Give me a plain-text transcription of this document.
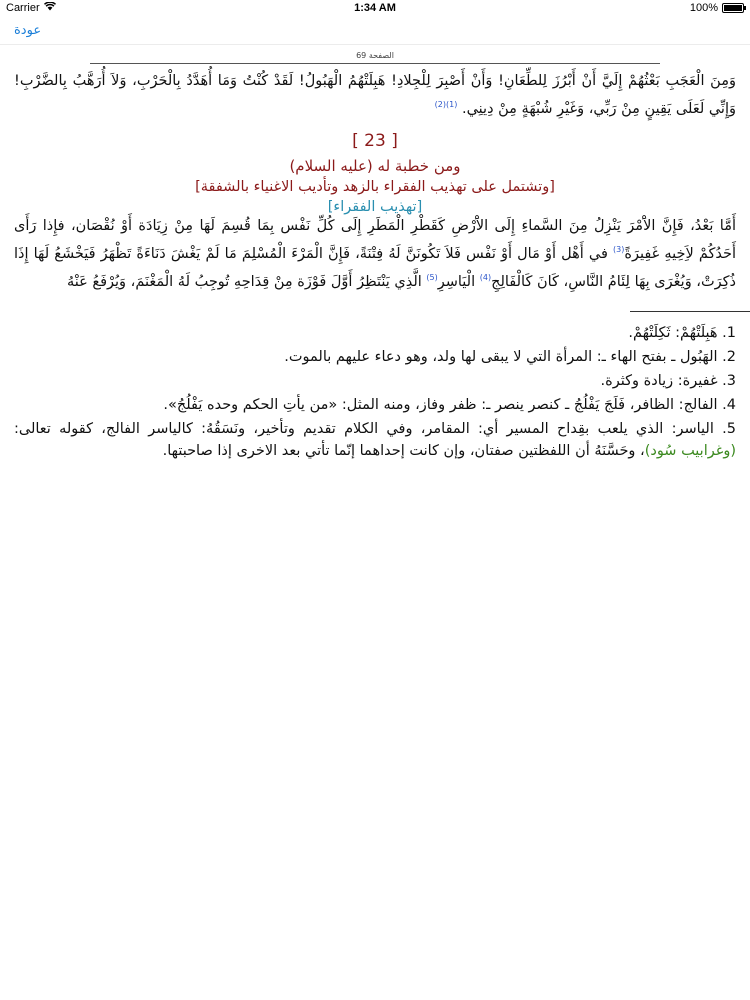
Carrier	1:34 AM	100%
عودة
الصفحة 69

وَمِنَ الْعَجَبِ بَعْثُهُمْ إِلَيَّ أَنْ أَبْرُزَ لِلطِّعَانِ! وَأَنْ أَصْبِرَ لِلْجِلادِ! هَبِلَتْهُمُ الْهَبُولُ! لَقَدْ كُنْتُ وَمَا أُهَدَّدُ بِالْحَرْبِ، وَلاَ أُرَهَّبُ بِالضَّرْبِ! وَإِنِّي لَعَلَى يَقِينٍ مِنْ رَبِّي، وَغَيْرِ شُبْهَةٍ مِنْ دِينِي. $^{(1)(2)}$

[ 23 ]
ومن خطبة له (عليه السلام)
[وتشتمل على تهذيب الفقراء بالزهد وتأديب الاغنياء بالشفقة]
[تهذيب الفقراء]

أَمَّا بَعْدُ، فَإِنَّ الاَْمْرَ يَنْزِلُ مِنَ السَّماءِ إِلَى الاَْرْضِ كَقَطْرِ الْمَطَرِ إِلَى كُلِّ نَفْس بِمَا قُسِمَ لَهَا مِنْ زِيَادَة أَوْ نُقْصَان، فإِذا رَأَى أَحَدُكُمْ لاَِخِيهِ غَفِيرَةً$^{(3)}$ في أَهْل أَوْ مَال أَوْ نَفْس فَلاَ تَكُونَنَّ لَهُ فِتْنَةً، فَإِنَّ الْمَرْءَ الْمُسْلِمَ مَا لَمْ يَغْشَ دَنَاءَةً تَظْهَرُ فَيَخْشَعُ لَهَا إِذَا ذُكِرَتْ، وَيُغْرَى بِهَا لِئَامُ النَّاسِ، كَانَ كَالْفَالِجِ$^{(4)}$ الْيَاسِرِ$^{(5)}$ الَّذِي يَنْتَظِرُ أَوَّلَ فَوْزَة مِنْ قِدَاحِهِ تُوجِبُ لَهُ الْمَغْنَمَ، وَيُرْفَعُ عَنْهُ

1. هَبِلَتْهُمْ: ثَكِلَتْهُمْ.

2. الهَبُول ـ بفتح الهاء ـ: المرأة التي لا يبقى لها ولد، وهو دعاء عليهم بالموت.

3. غفيرة: زيادة وكثرة.

4. الفالج: الظافر، فَلَجَ يَفْلُجُ ـ كنصر ينصر ـ: ظفر وفاز، ومنه المثل: «من يأتِ الحكم وحده يَفْلُجُ».

5. الياسر: الذي يلعب بقِداح المسير أي: المقامر، وفي الكلام تقديم وتأخير، ونَسَقُهُ: كالياسر الفالج، كقوله تعالى: (وغرابيب سُود)، وحَسَّنَهُ أن اللفظتين صفتان، وإن كانت إحداهما إنّما تأتي بعد الاخرى إذا صاحبتها.
